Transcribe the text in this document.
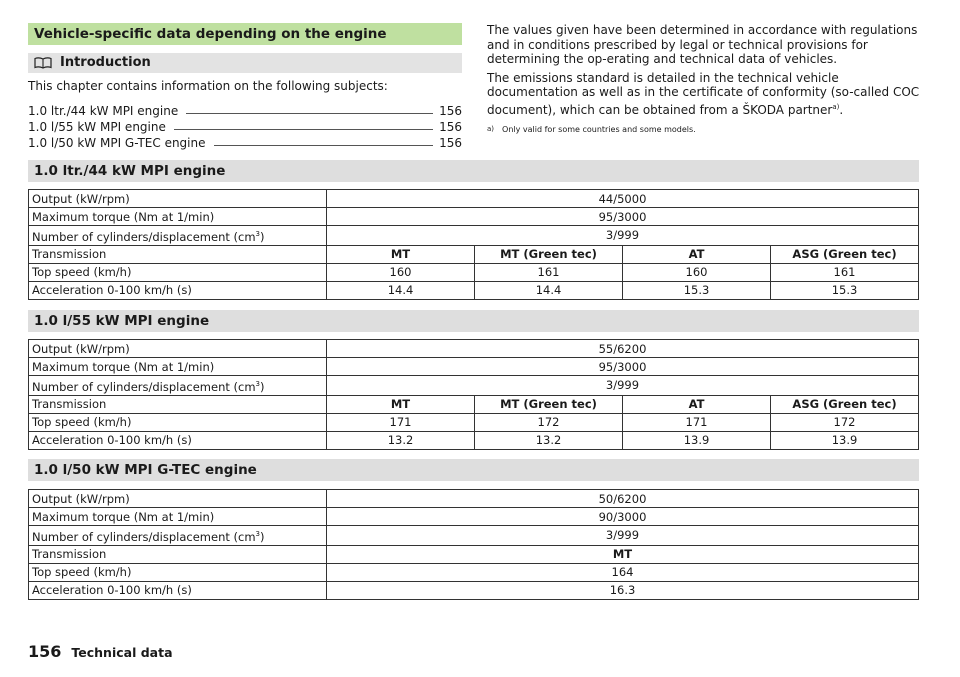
Vehicle-specific data depending on the engine
Introduction

This chapter contains information on the following subjects:

1.0 ltr./44 kW MPI engine	156
1.0 l/55 kW MPI engine	156
1.0 l/50 kW MPI G-TEC engine	156

The values given have been determined in accordance with regulations and in conditions prescribed by legal or technical provisions for determining the op-erating and technical data of vehicles.

The emissions standard is detailed in the technical vehicle documentation as well as in the certificate of conformity (so-called COC document), which can be obtained from a ŠKODA partner$^{a)}$.

a) Only valid for some countries and some models.
1.0 ltr./44 kW MPI engine
Output (kW/rpm)	44/5000			
Maximum torque (Nm at 1/min)	95/3000			
Number of cylinders/displacement $(cm^3)$	3/999			
Transmission	MT	MT (Green tec)	AT	ASG (Green tec)
Top speed (km/h)	160	161	160	161
Acceleration 0-100 km/h (s)	14.4	14.4	15.3	15.3
1.0 l/55 kW MPI engine
Output (kW/rpm)	55/6200			
Maximum torque (Nm at 1/min)	95/3000			
Number of cylinders/displacement $(cm^3)$	3/999			
Transmission	MT	MT (Green tec)	AT	ASG (Green tec)
Top speed (km/h)	171	172	171	172
Acceleration 0-100 km/h (s)	13.2	13.2	13.9	13.9
1.0 l/50 kW MPI G-TEC engine
Output (kW/rpm)	50/6200
Maximum torque (Nm at 1/min)	90/3000
Number of cylinders/displacement $(cm^3)$	3/999
Transmission	MT
Top speed (km/h)	164
Acceleration 0-100 km/h (s)	16.3
156 Technical data
